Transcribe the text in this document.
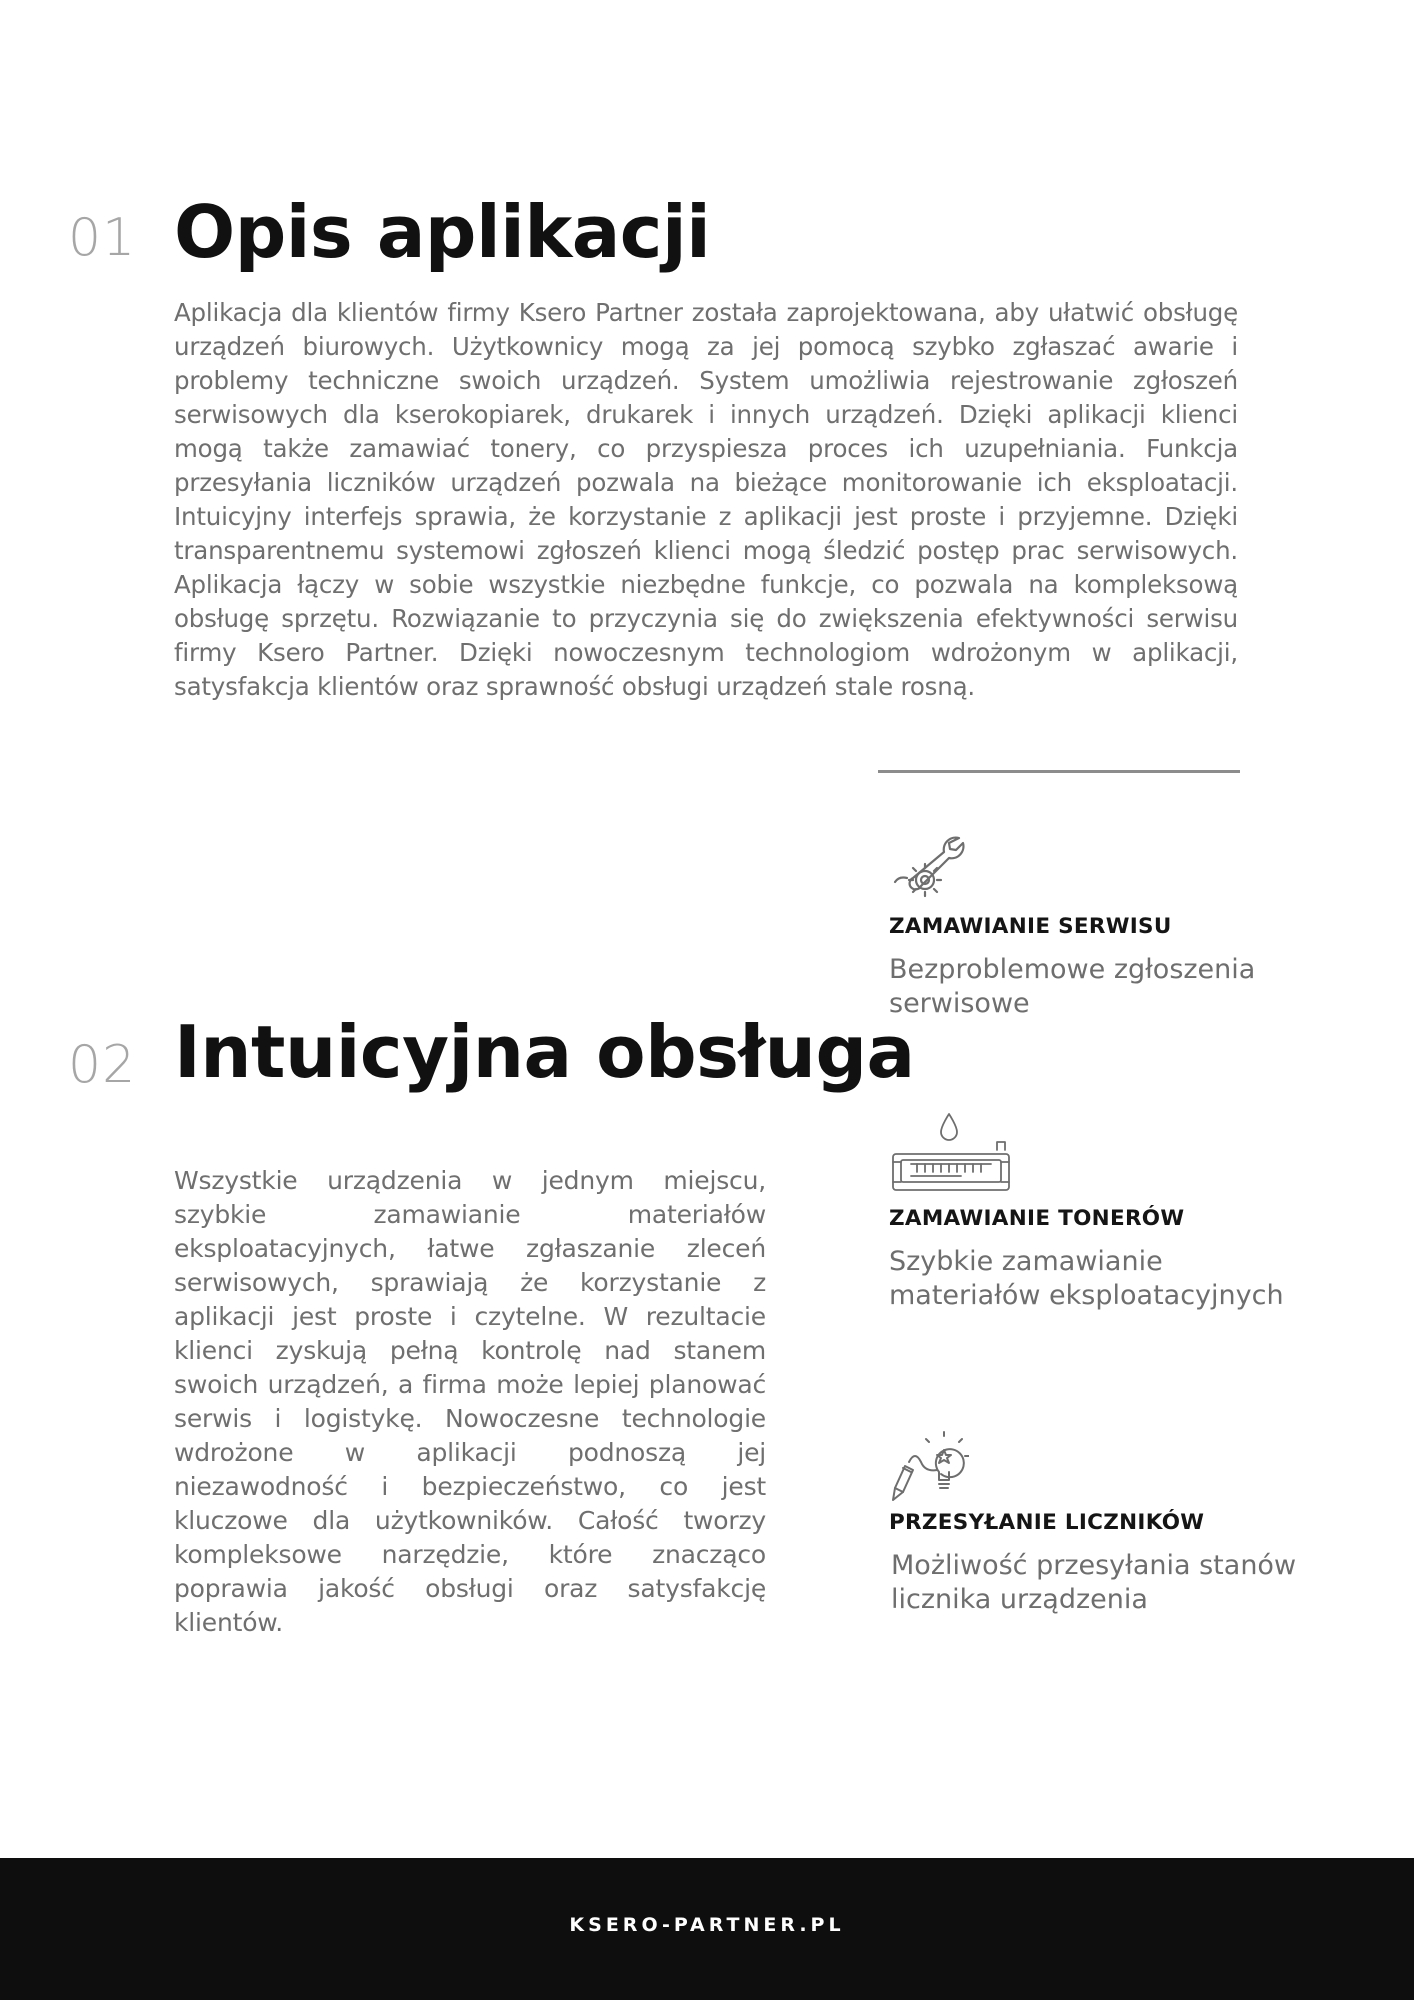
01 Opis aplikacji

Aplikacja dla klientów firmy Ksero Partner została zaprojektowana, aby ułatwić obsługę urządzeń biurowych. Użytkownicy mogą za jej pomocą szybko zgłaszać awarie i problemy techniczne swoich urządzeń. System umożliwia rejestrowanie zgłoszeń serwisowych dla kserokopiarek, drukarek i innych urządzeń. Dzięki aplikacji klienci mogą także zamawiać tonery, co przyspiesza proces ich uzupełniania. Funkcja przesyłania liczników urządzeń pozwala na bieżące monitorowanie ich eksploatacji. Intuicyjny interfejs sprawia, że korzystanie z aplikacji jest proste i przyjemne. Dzięki transparentnemu systemowi zgłoszeń klienci mogą śledzić postęp prac serwisowych. Aplikacja łączy w sobie wszystkie niezbędne funkcje, co pozwala na kompleksową obsługę sprzętu. Rozwiązanie to przyczynia się do zwiększenia efektywności serwisu firmy Ksero Partner. Dzięki nowoczesnym technologiom wdrożonym w aplikacji, satysfakcja klientów oraz sprawność obsługi urządzeń stale rosną.

02 Intuicyjna obsługa

Wszystkie urządzenia w jednym miejscu, szybkie zamawianie materiałów eksploatacyjnych, łatwe zgłaszanie zleceń serwisowych, sprawiają że korzystanie z aplikacji jest proste i czytelne. W rezultacie klienci zyskują pełną kontrolę nad stanem swoich urządzeń, a firma może lepiej planować serwis i logistykę. Nowoczesne technologie wdrożone w aplikacji podnoszą jej niezawodność i bezpieczeństwo, co jest kluczowe dla użytkowników. Całość tworzy kompleksowe narzędzie, które znacząco poprawia jakość obsługi oraz satysfakcję klientów.

ZAMAWIANIE SERWISU
Bezproblemowe zgłoszenia serwisowe
ZAMAWIANIE TONERÓW
Szybkie zamawianie materiałów eksploatacyjnych
PRZESYŁANIE LICZNIKÓW
Możliwość przesyłania stanów licznika urządzenia
KSERO-PARTNER.PL
